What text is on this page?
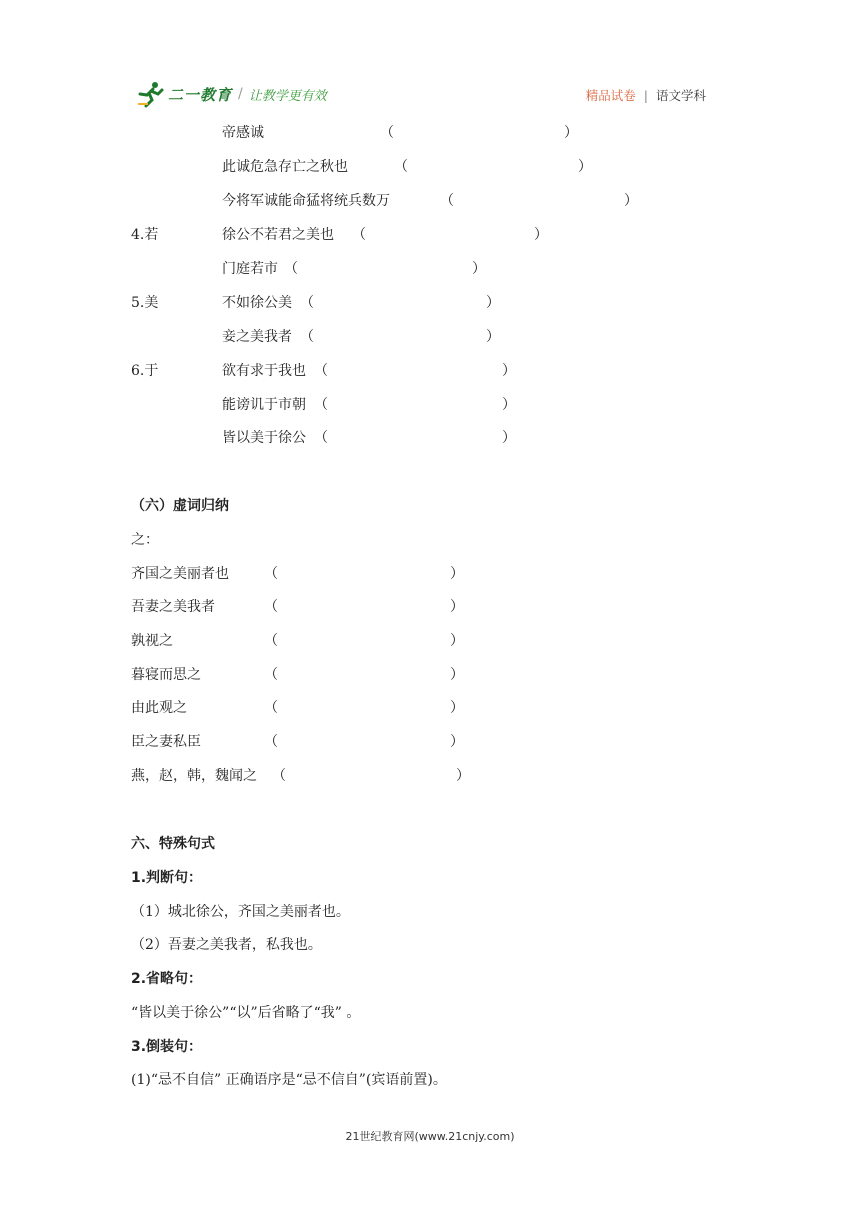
二一教育 / 让教学更有效	精品试卷 | 语文学科
帝感诚	（	）
此诚危急存亡之秋也	（	）
今将军诚能命猛将统兵数万	（	）
4.若	徐公不若君之美也 （	）
门庭若市 （	）
5.美	不如徐公美 （	）
妾之美我者 （	）
6.于	欲有求于我也 （	）
能谤讥于市朝 （	）
皆以美于徐公 （	）
（六）虚词归纳
之：
齐国之美丽者也	（	）
吾妻之美我者	（	）
孰视之	（	）
暮寝而思之	（	）
由此观之	（	）
臣之妻私臣	（	）
燕，赵，韩，魏闻之 （	）
六、特殊句式
1.判断句：
（1）城北徐公，齐国之美丽者也。
（2）吾妻之美我者，私我也。
2.省略句：
“皆以美于徐公”“以”后省略了“我” 。
3.倒装句：
(1)“忌不自信” 正确语序是“忌不信自”(宾语前置)。
21世纪教育网(www.21cnjy.com)
